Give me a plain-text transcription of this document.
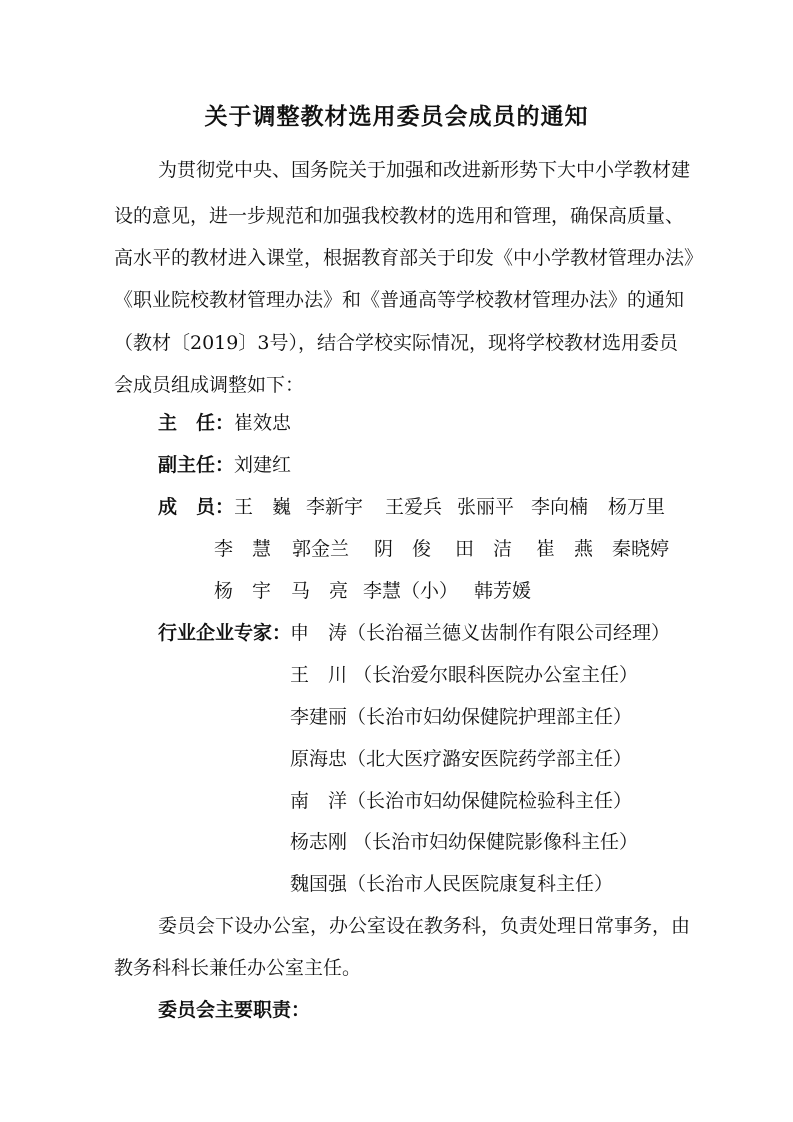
关于调整教材选用委员会成员的通知
为贯彻党中央、国务院关于加强和改进新形势下大中小学教材建
设的意见，进一步规范和加强我校教材的选用和管理，确保高质量、
高水平的教材进入课堂，根据教育部关于印发《中小学教材管理办法》
《职业院校教材管理办法》和《普通高等学校教材管理办法》的通知
（教材〔2019〕3号），结合学校实际情况，现将学校教材选用委员
会成员组成调整如下：
主　任：崔效忠
副主任：刘建红
成　员： 王　巍 李新宇 王爱兵 张丽平 李向楠 杨万里
李　慧 郭金兰 阴　俊 田　洁 崔　燕 秦晓婷
杨　宇 马　亮 李慧（小） 韩芳媛
行业企业专家：
申　涛（长治福兰德义齿制作有限公司经理）
王　川 （长治爱尔眼科医院办公室主任）
李建丽（长治市妇幼保健院护理部主任）
原海忠（北大医疗潞安医院药学部主任）
南　洋（长治市妇幼保健院检验科主任）
杨志刚 （长治市妇幼保健院影像科主任）
魏国强（长治市人民医院康复科主任）
委员会下设办公室，办公室设在教务科，负责处理日常事务，由
教务科科长兼任办公室主任。
委员会主要职责：
